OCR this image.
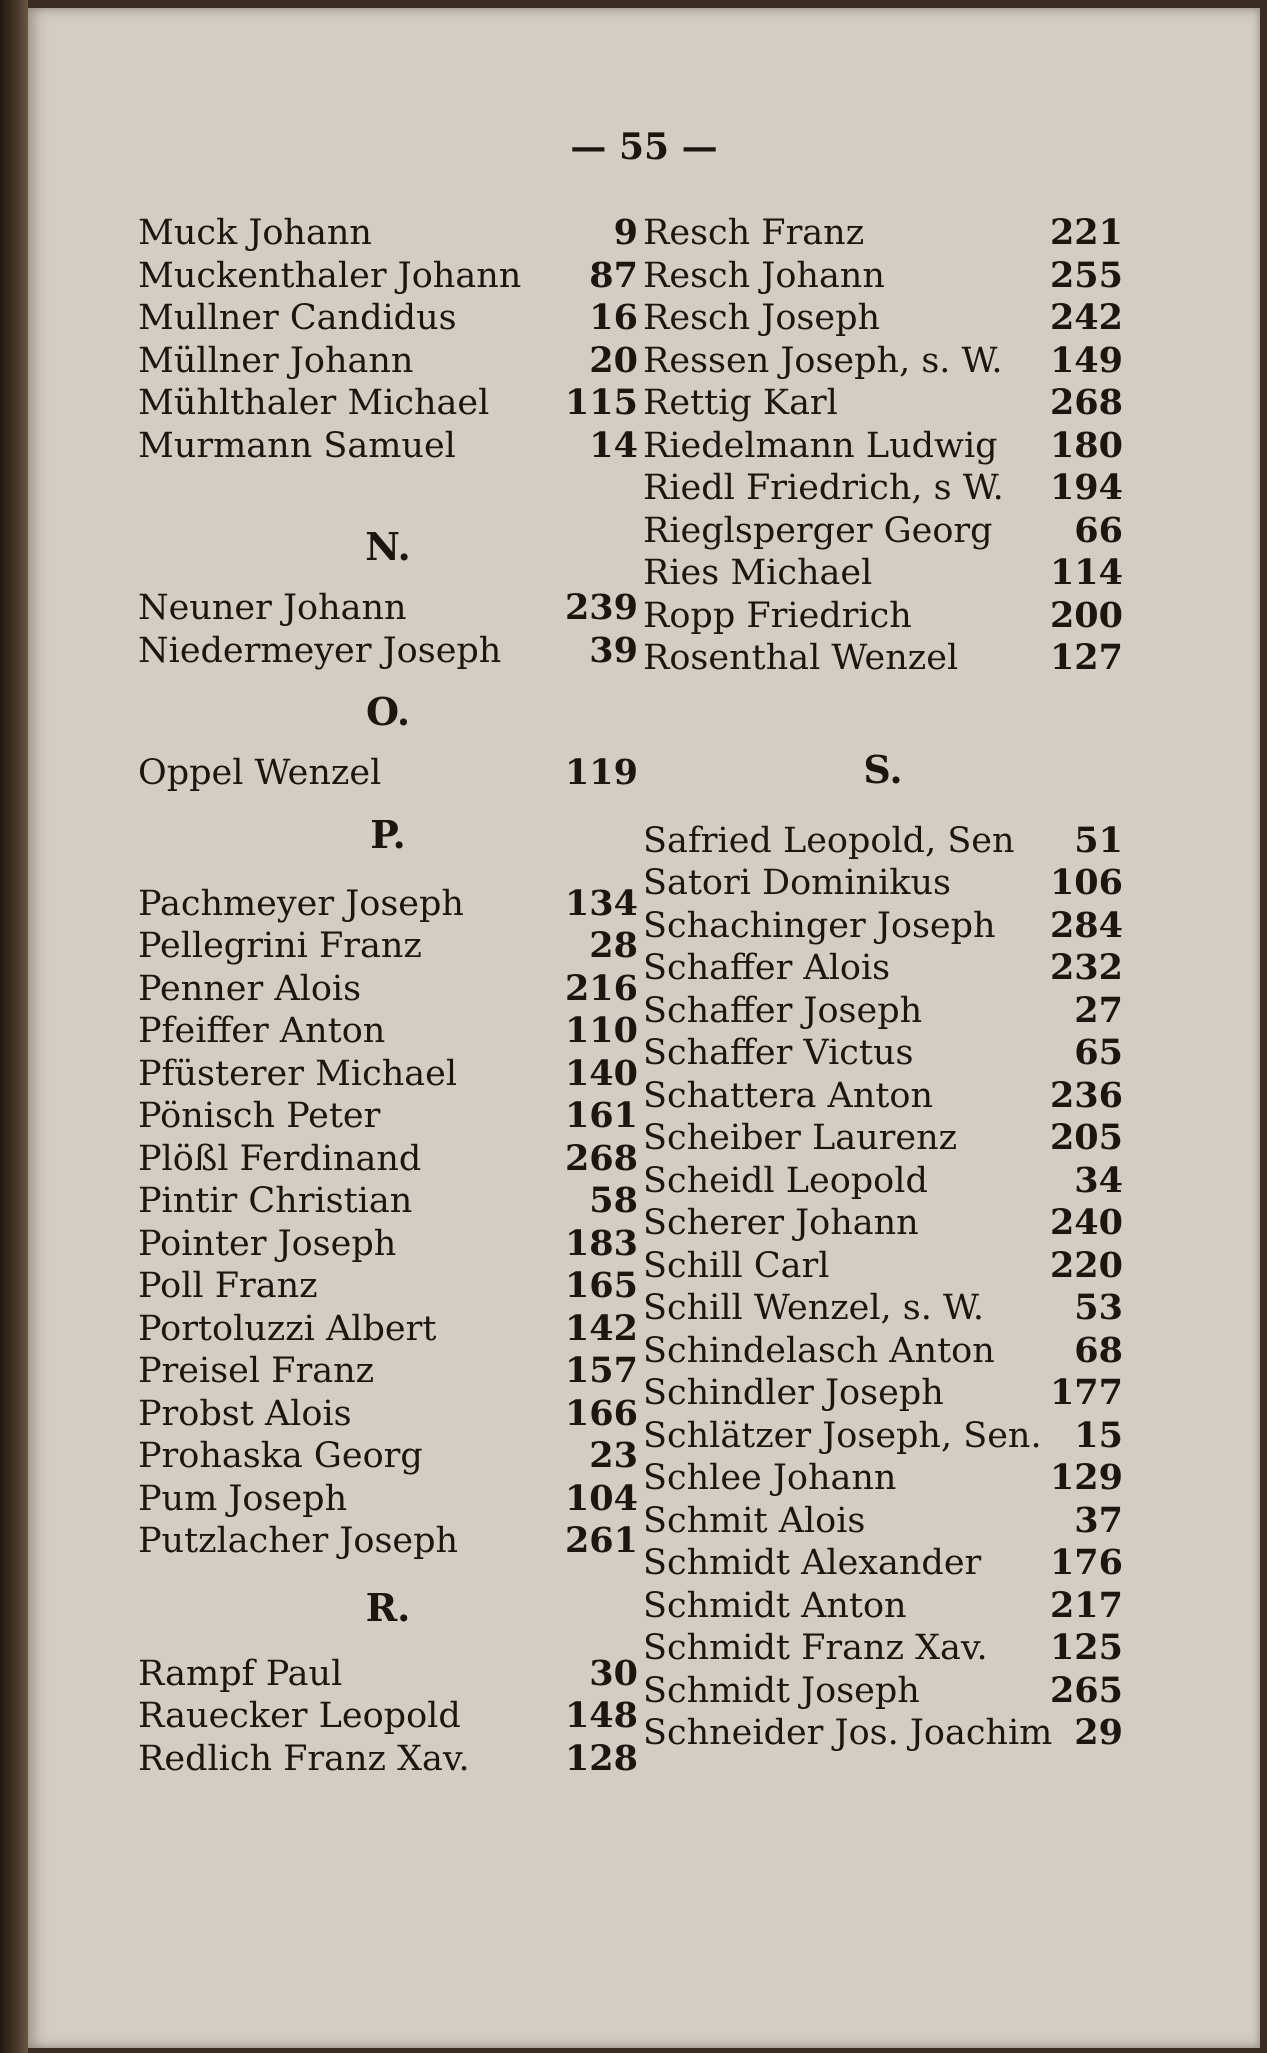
— 55 —
Muck Johann	9
Muckenthaler Johann 87
Mullner Candidus	16
Müllner Johann	20
Mühlthaler Michael 115
Murmann Samuel	14
N.
Neuner Johann	239
Niedermeyer Joseph	39
O.
Oppel Wenzel	119
P.
Pachmeyer Joseph	134
Pellegrini Franz	28
Penner Alois	216
Pfeiffer Anton	110
Pfüsterer Michael	140
Pönisch Peter	161
Plößl Ferdinand	268
Pintir Christian	58
Pointer Joseph	183
Poll Franz	165
Portoluzzi Albert	142
Preisel Franz	157
Probst Alois	166
Prohaska Georg	23
Pum Joseph	104
Putzlacher Joseph	261
R.
Rampf Paul	30
Rauecker Leopold	148
Redlich Franz Xav.	128
Resch Franz	221
Resch Johann	255
Resch Joseph	242
Ressen Joseph, s. W. 149
Rettig Karl	268
Riedelmann Ludwig 180
Riedl Friedrich, s W. 194
Rieglsperger Georg 66
Ries Michael	114
Ropp Friedrich	200
Rosenthal Wenzel	127
S.
Safried Leopold, Sen 51
Satori Dominikus	106
Schachinger Joseph 284
Schaffer Alois	232
Schaffer Joseph	27
Schaffer Victus	65
Schattera Anton	236
Scheiber Laurenz	205
Scheidl Leopold	34
Scherer Johann	240
Schill Carl	220
Schill Wenzel, s. W.	53
Schindelasch Anton 68
Schindler Joseph	177
Schlätzer Joseph, Sen. 15
Schlee Johann	129
Schmit Alois	37
Schmidt Alexander 176
Schmidt Anton	217
Schmidt Franz Xav. 125
Schmidt Joseph	265
Schneider Jos. Joachim 29
